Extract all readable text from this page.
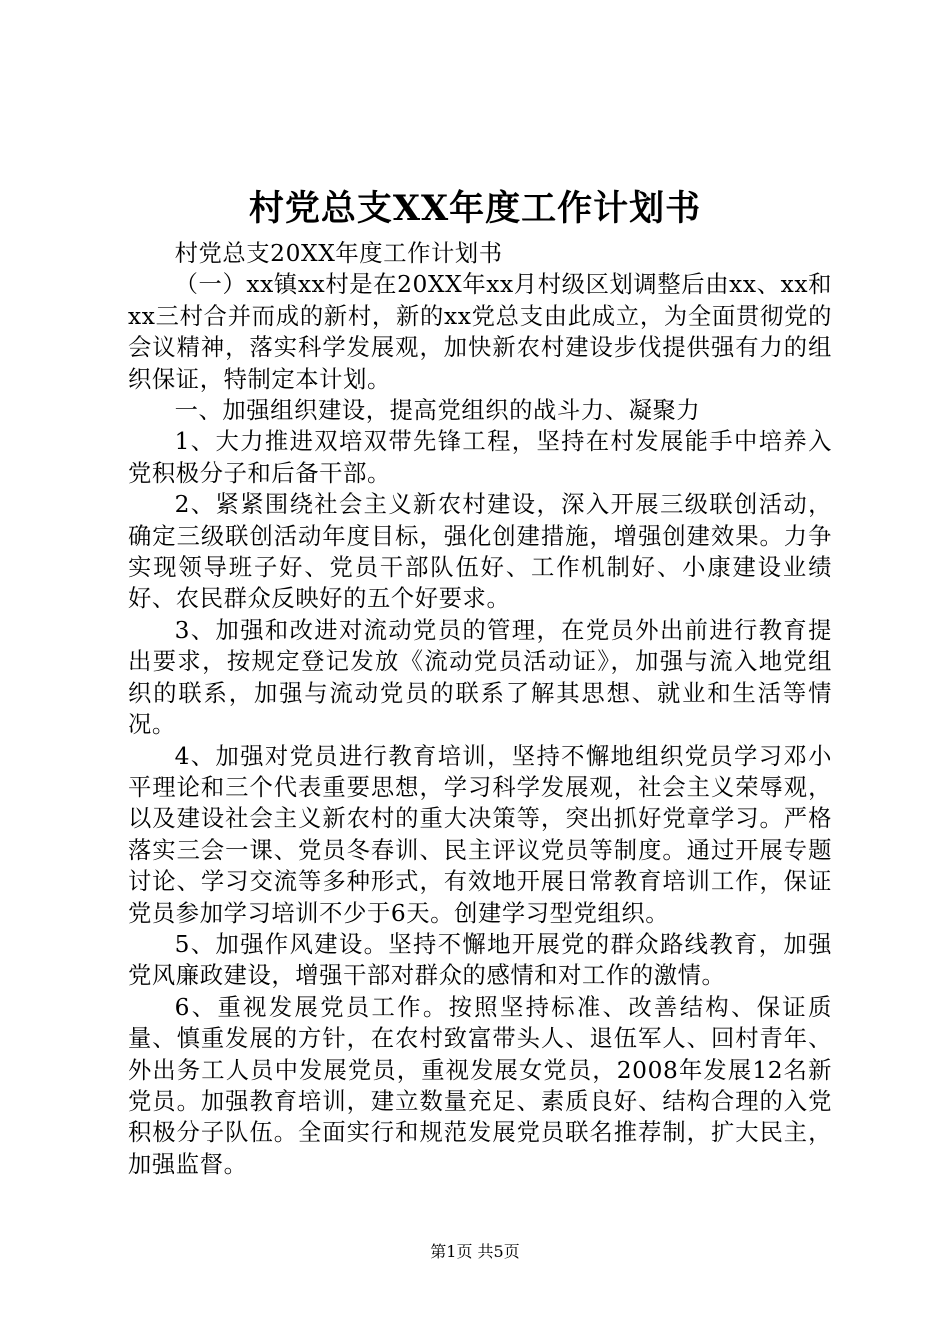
村党总支XX年度工作计划书

村党总支20XX年度工作计划书

（一）xx镇xx村是在20XX年xx月村级区划调整后由xx、xx和xx三村合并而成的新村，新的xx党总支由此成立，为全面贯彻党的会议精神，落实科学发展观，加快新农村建设步伐提供强有力的组织保证，特制定本计划。

一、加强组织建设，提高党组织的战斗力、凝聚力

1、大力推进双培双带先锋工程，坚持在村发展能手中培养入党积极分子和后备干部。

2、紧紧围绕社会主义新农村建设，深入开展三级联创活动，确定三级联创活动年度目标，强化创建措施，增强创建效果。力争实现领导班子好、党员干部队伍好、工作机制好、小康建设业绩好、农民群众反映好的五个好要求。

3、加强和改进对流动党员的管理，在党员外出前进行教育提出要求，按规定登记发放《流动党员活动证》，加强与流入地党组织的联系，加强与流动党员的联系了解其思想、就业和生活等情况。

4、加强对党员进行教育培训，坚持不懈地组织党员学习邓小平理论和三个代表重要思想，学习科学发展观，社会主义荣辱观，以及建设社会主义新农村的重大决策等，突出抓好党章学习。严格落实三会一课、党员冬春训、民主评议党员等制度。通过开展专题讨论、学习交流等多种形式，有效地开展日常教育培训工作，保证党员参加学习培训不少于6天。创建学习型党组织。

5、加强作风建设。坚持不懈地开展党的群众路线教育，加强党风廉政建设，增强干部对群众的感情和对工作的激情。

6、重视发展党员工作。按照坚持标准、改善结构、保证质量、慎重发展的方针，在农村致富带头人、退伍军人、回村青年、外出务工人员中发展党员，重视发展女党员，2008年发展12名新党员。加强教育培训，建立数量充足、素质良好、结构合理的入党积极分子队伍。全面实行和规范发展党员联名推荐制，扩大民主，加强监督。

第1页 共5页
